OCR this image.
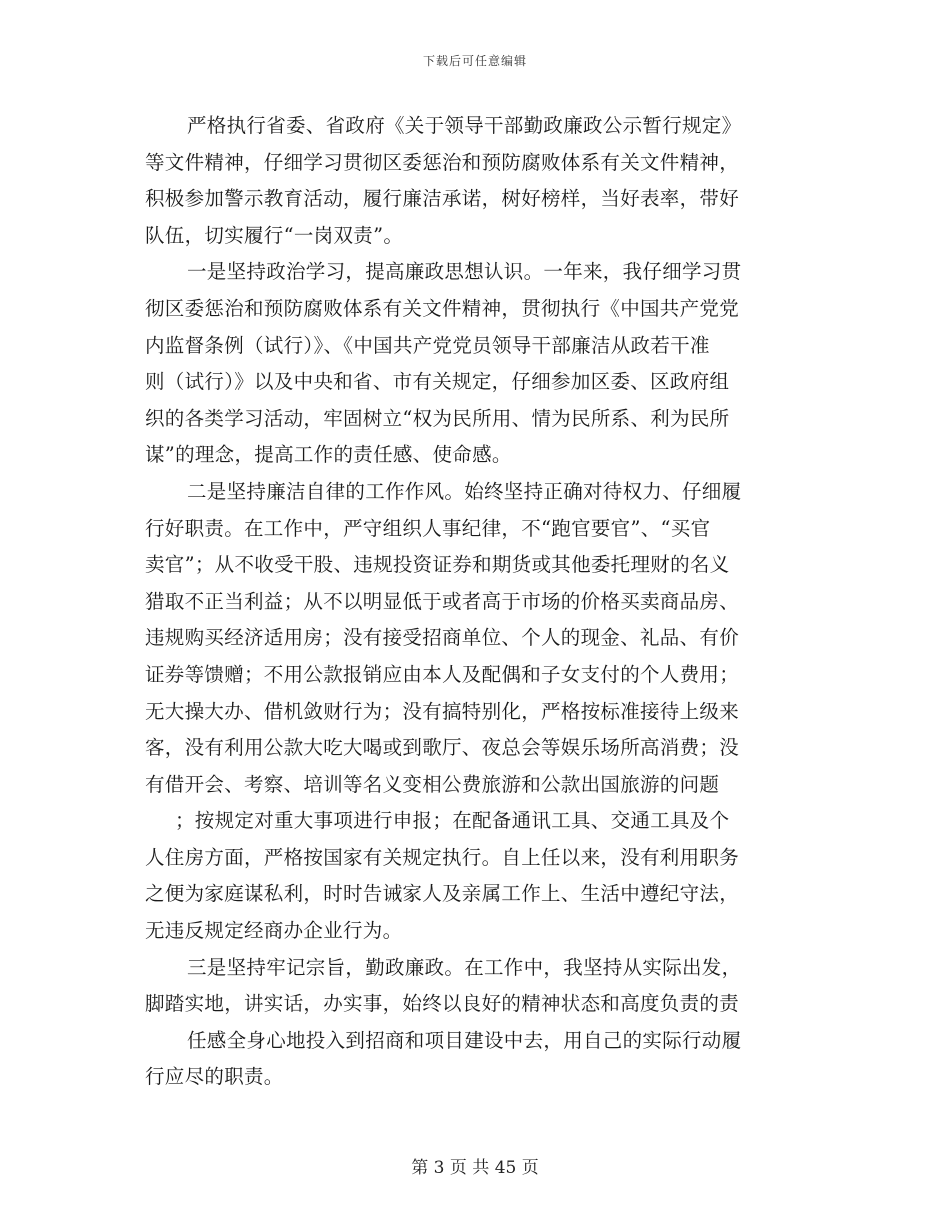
下载后可任意编辑
严格执行省委、省政府《关于领导干部勤政廉政公示暂行规定》
等文件精神，仔细学习贯彻区委惩治和预防腐败体系有关文件精神，
积极参加警示教育活动，履行廉洁承诺，树好榜样，当好表率，带好
队伍，切实履行“一岗双责”。
一是坚持政治学习，提高廉政思想认识。一年来，我仔细学习贯
彻区委惩治和预防腐败体系有关文件精神，贯彻执行《中国共产党党
内监督条例（试行）》、《中国共产党党员领导干部廉洁从政若干准
则（试行）》以及中央和省、市有关规定，仔细参加区委、区政府组
织的各类学习活动，牢固树立“权为民所用、情为民所系、利为民所
谋”的理念，提高工作的责任感、使命感。
二是坚持廉洁自律的工作作风。始终坚持正确对待权力、仔细履
行好职责。在工作中，严守组织人事纪律，不“跑官要官”、“买官
卖官”；从不收受干股、违规投资证券和期货或其他委托理财的名义
猎取不正当利益；从不以明显低于或者高于市场的价格买卖商品房、
违规购买经济适用房；没有接受招商单位、个人的现金、礼品、有价
证券等馈赠；不用公款报销应由本人及配偶和子女支付的个人费用；
无大操大办、借机敛财行为；没有搞特别化，严格按标准接待上级来
客，没有利用公款大吃大喝或到歌厅、夜总会等娱乐场所高消费；没
有借开会、考察、培训等名义变相公费旅游和公款出国旅游的问题
；按规定对重大事项进行申报；在配备通讯工具、交通工具及个
人住房方面，严格按国家有关规定执行。自上任以来，没有利用职务
之便为家庭谋私利，时时告诫家人及亲属工作上、生活中遵纪守法，
无违反规定经商办企业行为。
三是坚持牢记宗旨，勤政廉政。在工作中，我坚持从实际出发，
脚踏实地，讲实话，办实事，始终以良好的精神状态和高度负责的责
任感全身心地投入到招商和项目建设中去，用自己的实际行动履
行应尽的职责。
第 3 页 共 45 页
